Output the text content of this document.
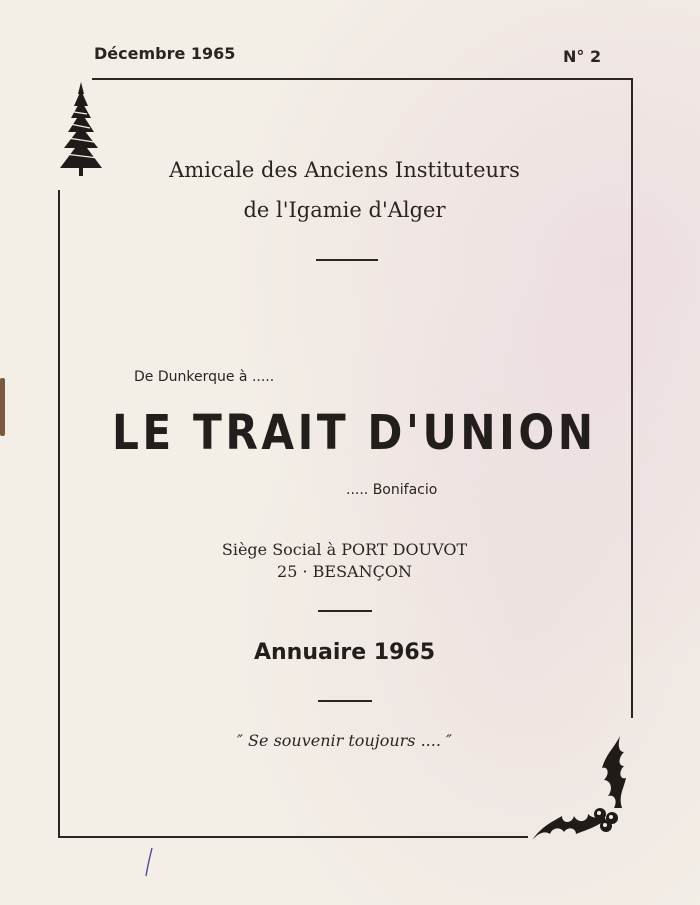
Décembre 1965	N° 2
Amicale des Anciens Instituteurs
de l'Igamie d'Alger
De Dunkerque à .....
LE TRAIT D'UNION
..... Bonifacio
Siège Social à PORT DOUVOT
25 · BESANÇON
Annuaire 1965
″ Se souvenir toujours .... ″
